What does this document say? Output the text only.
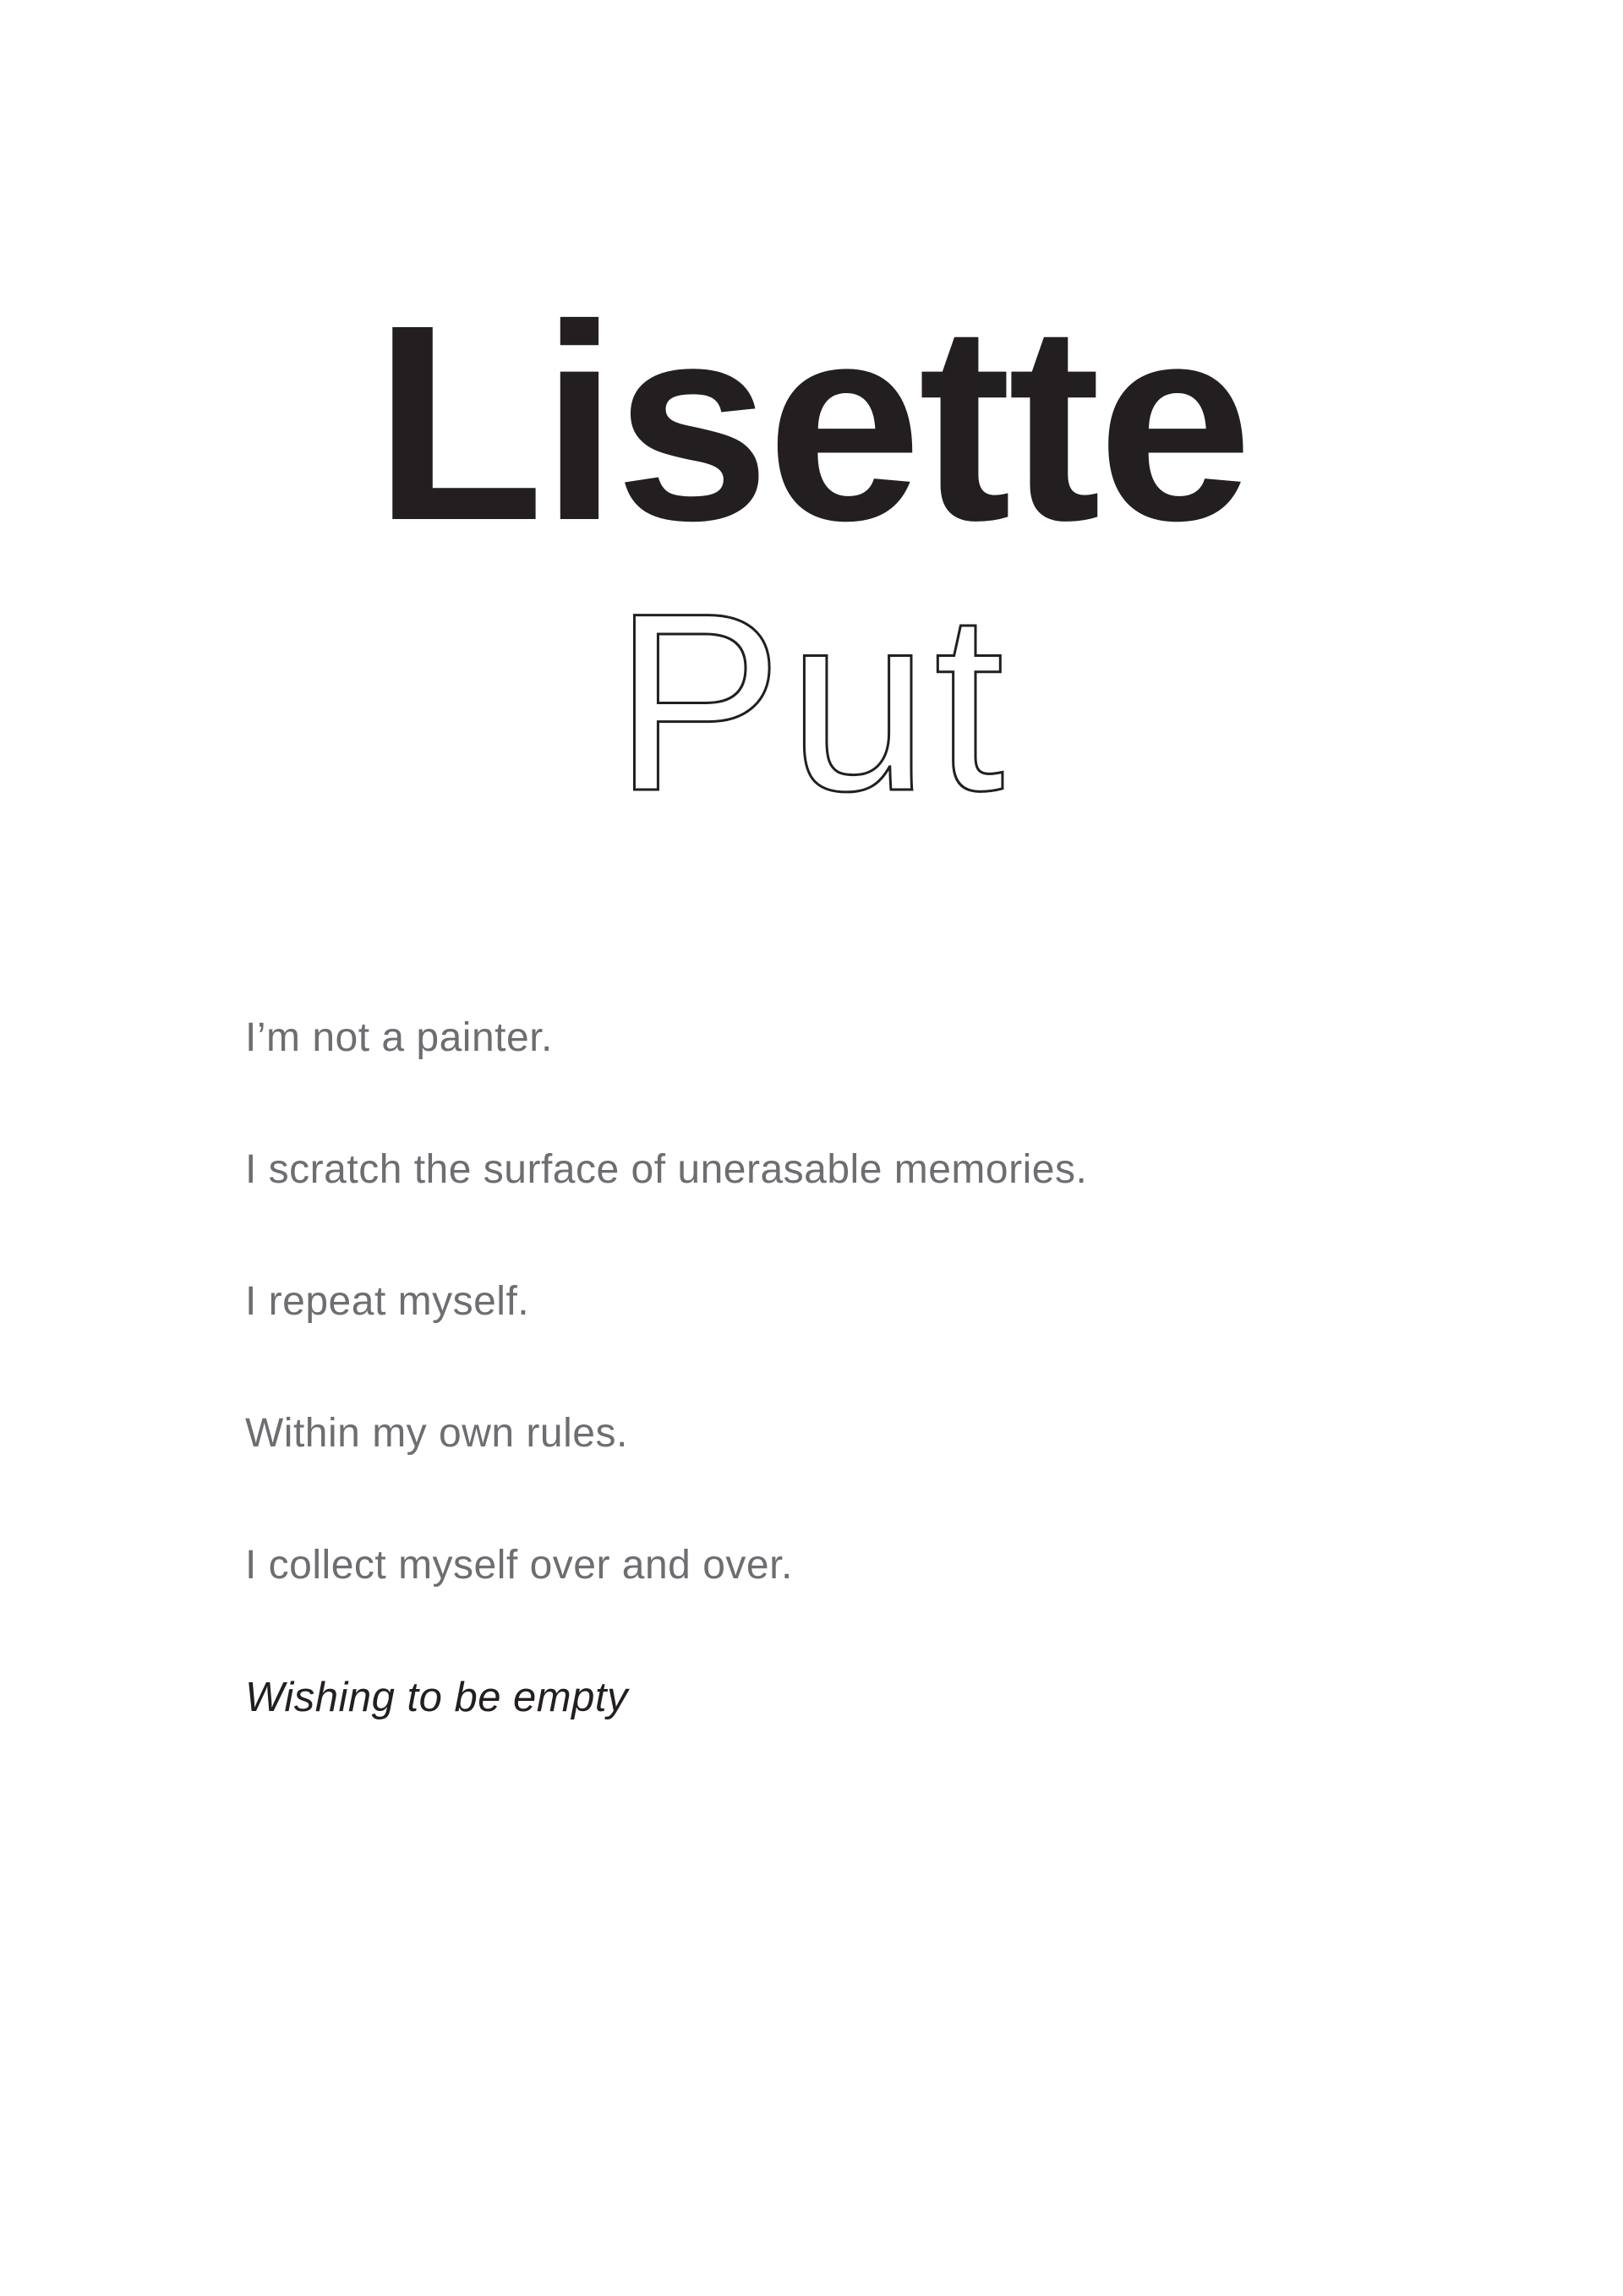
Lisette
Put
I’m not a painter.
I scratch the surface of unerasable memories.
I repeat myself.
Within my own rules.
I collect myself over and over.
Wishing to be empty
